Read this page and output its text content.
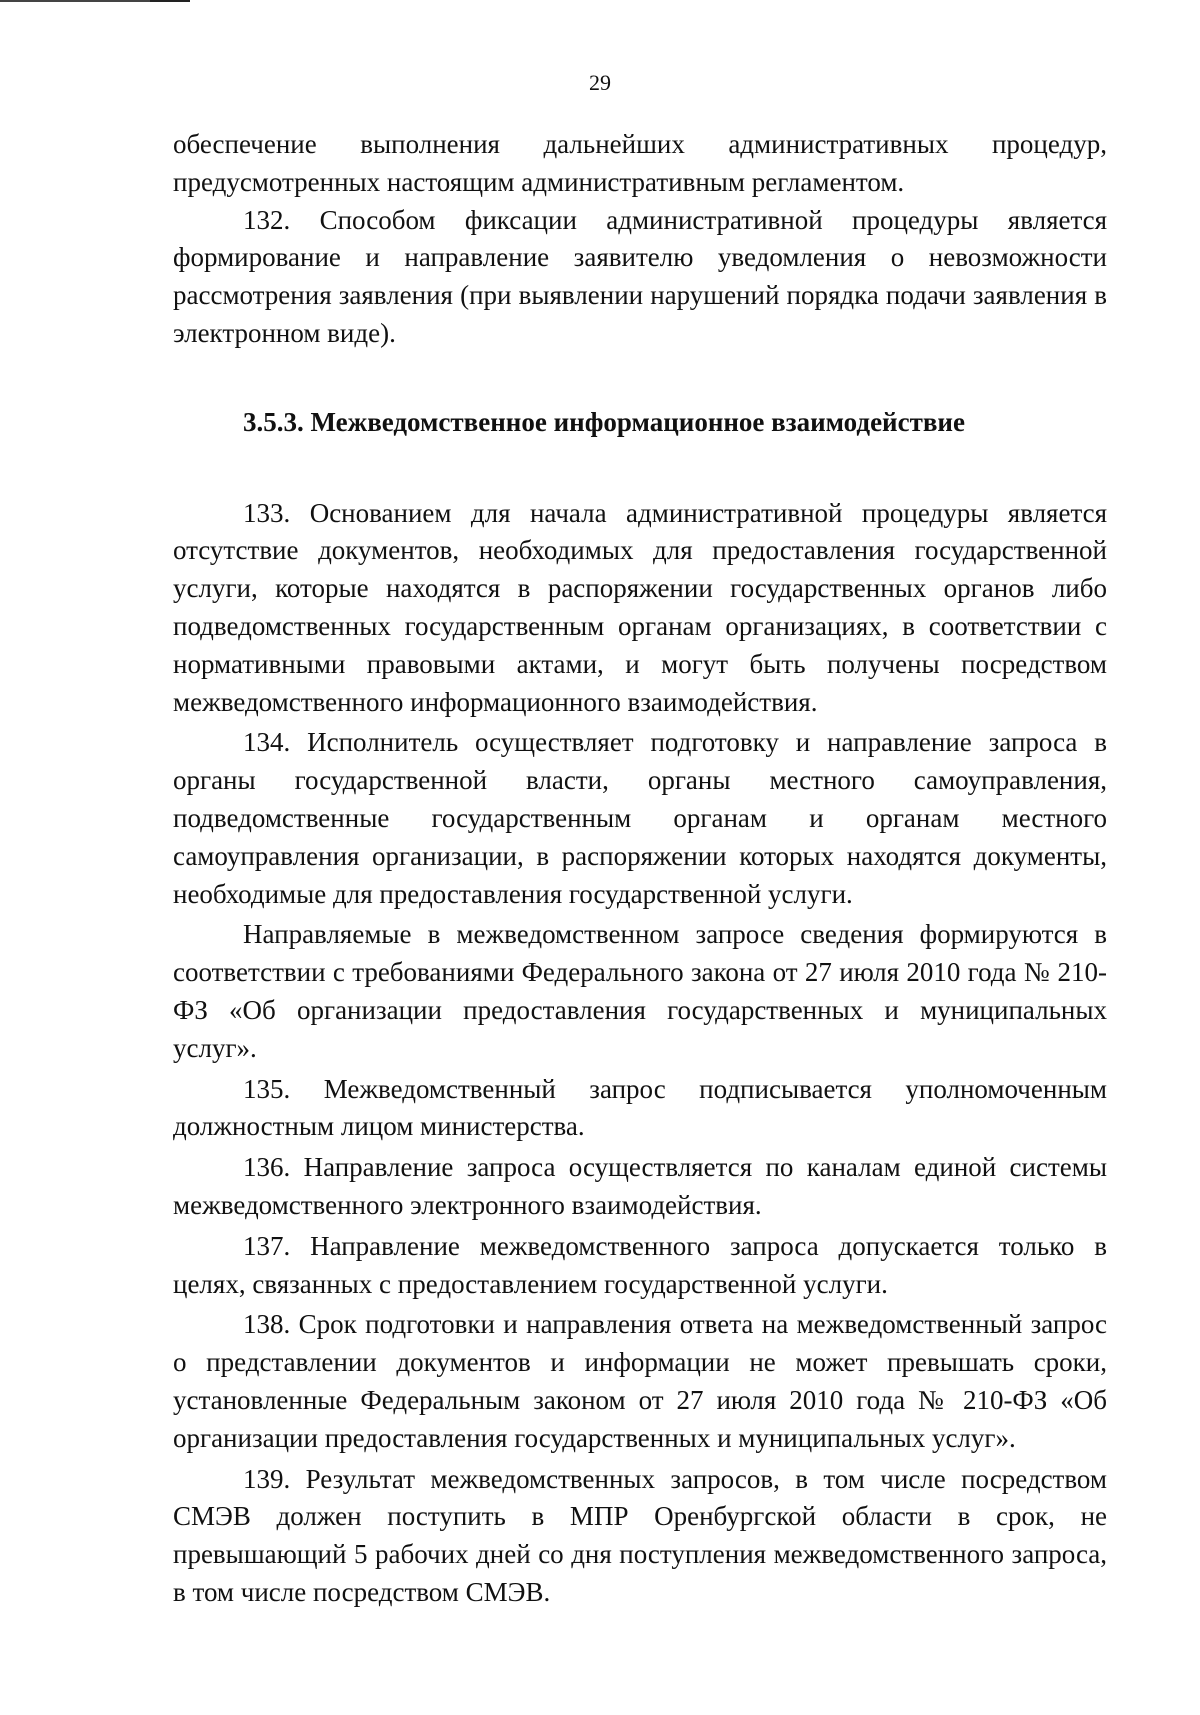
29

обеспечение выполнения дальнейших административных процедур, предусмотренных настоящим административным регламентом.

132. Способом фиксации административной процедуры является формирование и направление заявителю уведомления о невозможности рассмотрения заявления (при выявлении нарушений порядка подачи заявления в электронном виде).

3.5.3. Межведомственное информационное взаимодействие

133. Основанием для начала административной процедуры является отсутствие документов, необходимых для предоставления государственной услуги, которые находятся в распоряжении государственных органов либо подведомственных государственным органам организациях, в соответствии с нормативными правовыми актами, и могут быть получены посредством межведомственного информационного взаимодействия.

134. Исполнитель осуществляет подготовку и направление запроса в органы государственной власти, органы местного самоуправления, подведомственные государственным органам и органам местного самоуправления организации, в распоряжении которых находятся документы, необходимые для предоставления государственной услуги.

Направляемые в межведомственном запросе сведения формируются в соответствии с требованиями Федерального закона от 27 июля 2010 года № 210-ФЗ «Об организации предоставления государственных и муниципальных услуг».

135. Межведомственный запрос подписывается уполномоченным должностным лицом министерства.

136. Направление запроса осуществляется по каналам единой системы межведомственного электронного взаимодействия.

137. Направление межведомственного запроса допускается только в целях, связанных с предоставлением государственной услуги.

138. Срок подготовки и направления ответа на межведомственный запрос о представлении документов и информации не может превышать сроки, установленные Федеральным законом от 27 июля 2010 года № 210-ФЗ «Об организации предоставления государственных и муниципальных услуг».

139. Результат межведомственных запросов, в том числе посредством СМЭВ должен поступить в МПР Оренбургской области в срок, не превышающий 5 рабочих дней со дня поступления межведомственного запроса, в том числе посредством СМЭВ.
